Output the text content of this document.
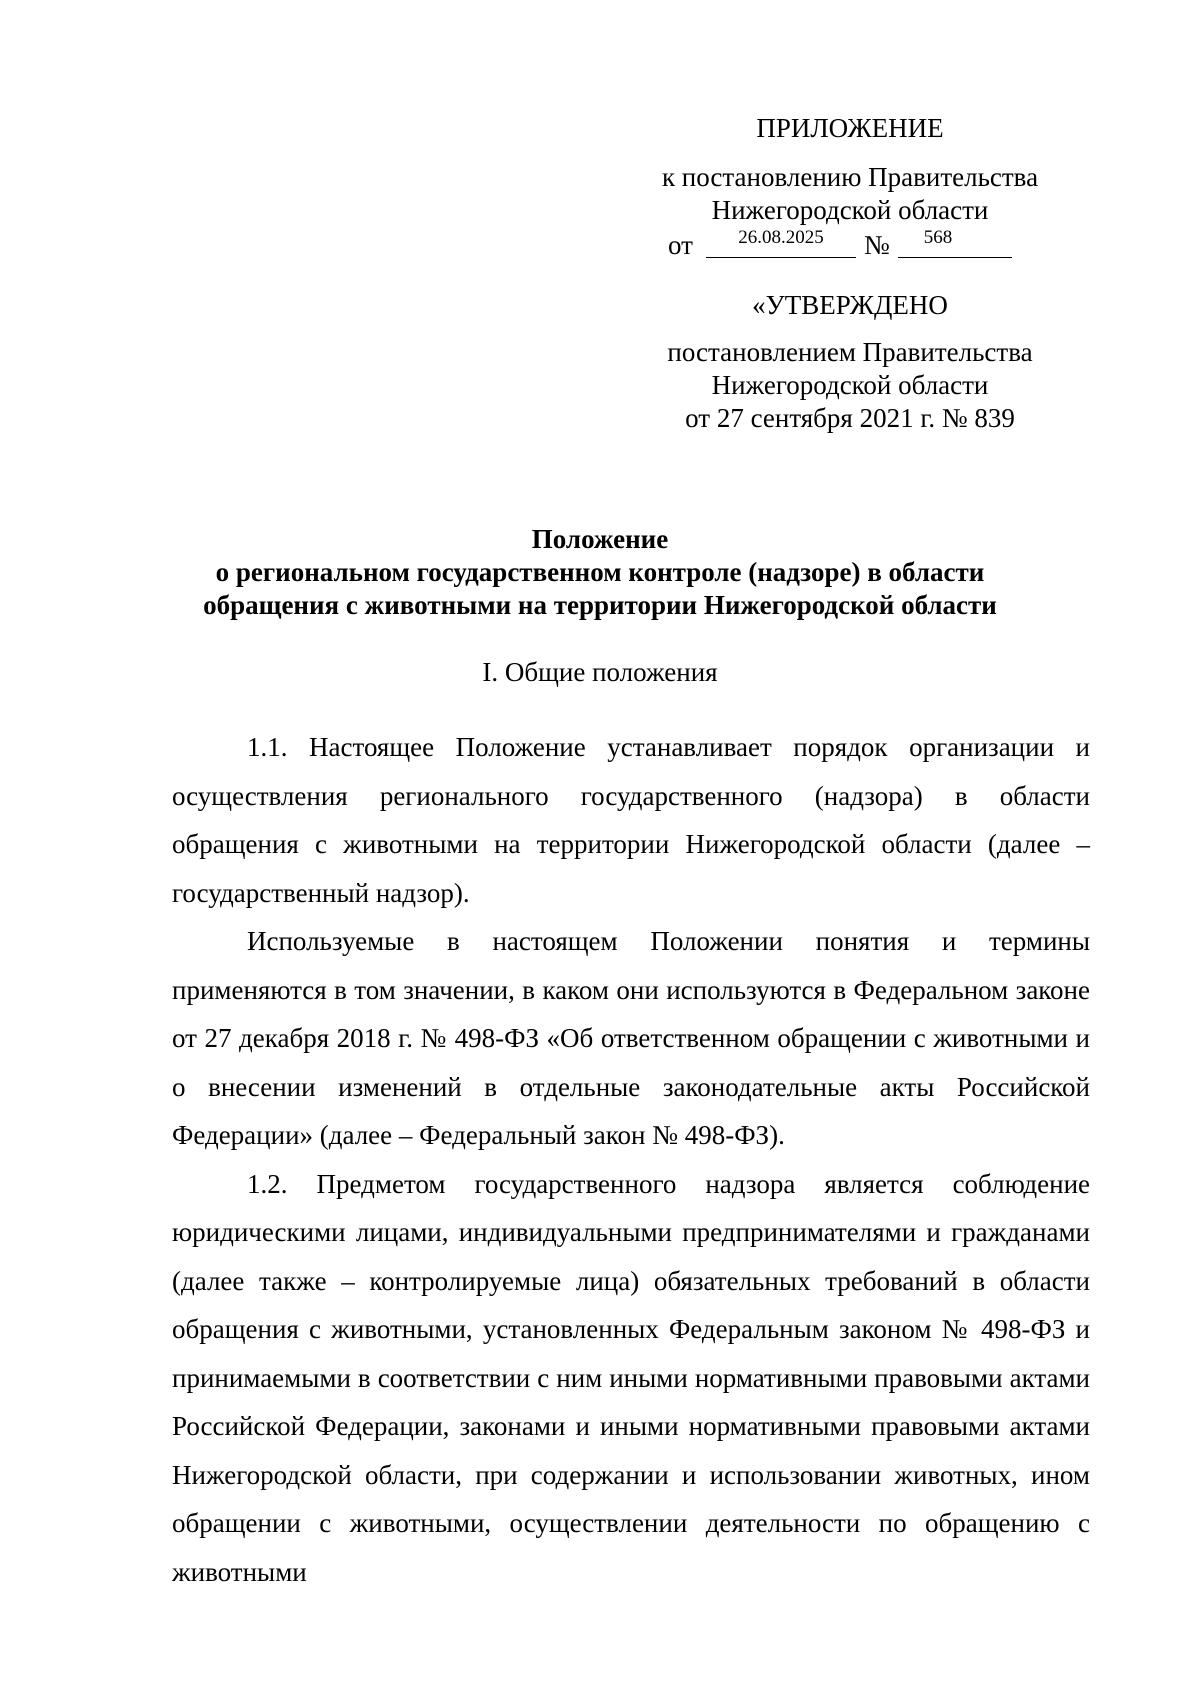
ПРИЛОЖЕНИЕ
к постановлению Правительства
Нижегородской области
от	26.08.2025	№	568
«УТВЕРЖДЕНО
постановлением Правительства
Нижегородской области
от 27 сентября 2021 г. № 839
Положение
о региональном государственном контроле (надзоре) в области
обращения с животными на территории Нижегородской области
I. Общие положения

1.1. Настоящее Положение устанавливает порядок организации и осуществления регионального государственного (надзора) в области обращения с животными на территории Нижегородской области (далее – государственный надзор).

Используемые в настоящем Положении понятия и термины применяются в том значении, в каком они используются в Федеральном законе от 27 декабря 2018 г. № 498-ФЗ «Об ответственном обращении с животными и о внесении изменений в отдельные законодательные акты Российской Федерации» (далее – Федеральный закон № 498-ФЗ).

1.2. Предметом государственного надзора является соблюдение юридическими лицами, индивидуальными предпринимателями и гражданами (далее также – контролируемые лица) обязательных требований в области обращения с животными, установленных Федеральным законом № 498-ФЗ и принимаемыми в соответствии с ним иными нормативными правовыми актами Российской Федерации, законами и иными нормативными правовыми актами Нижегородской области, при содержании и использовании животных, ином обращении с животными, осуществлении деятельности по обращению с животными
